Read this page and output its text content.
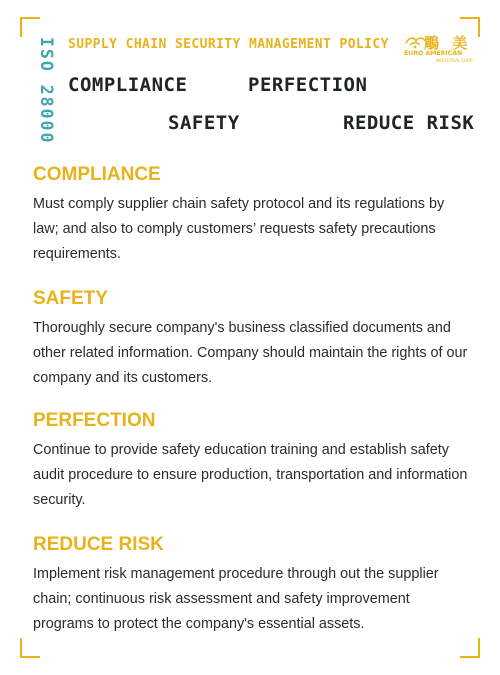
ISO 28000 SUPPLY CHAIN SECURITY MANAGEMENT POLICY
COMPLIANCE	PERFECTION
SAFETY	REDUCE RISK
鵰 美
EURO AMERICAN
INDUSTRIAL CORP.
COMPLIANCE

Must comply supplier chain safety protocol and its regulations by law; and also to comply customers’ requests safety precautions requirements.

SAFETY

Thoroughly secure company's business classified documents and other related information. Company should maintain the rights of our company and its customers.

PERFECTION

Continue to provide safety education training and establish safety audit procedure to ensure production, transportation and information security.

REDUCE RISK

Implement risk management procedure through out the supplier chain; continuous risk assessment and safety improvement programs to protect the company's essential assets.
